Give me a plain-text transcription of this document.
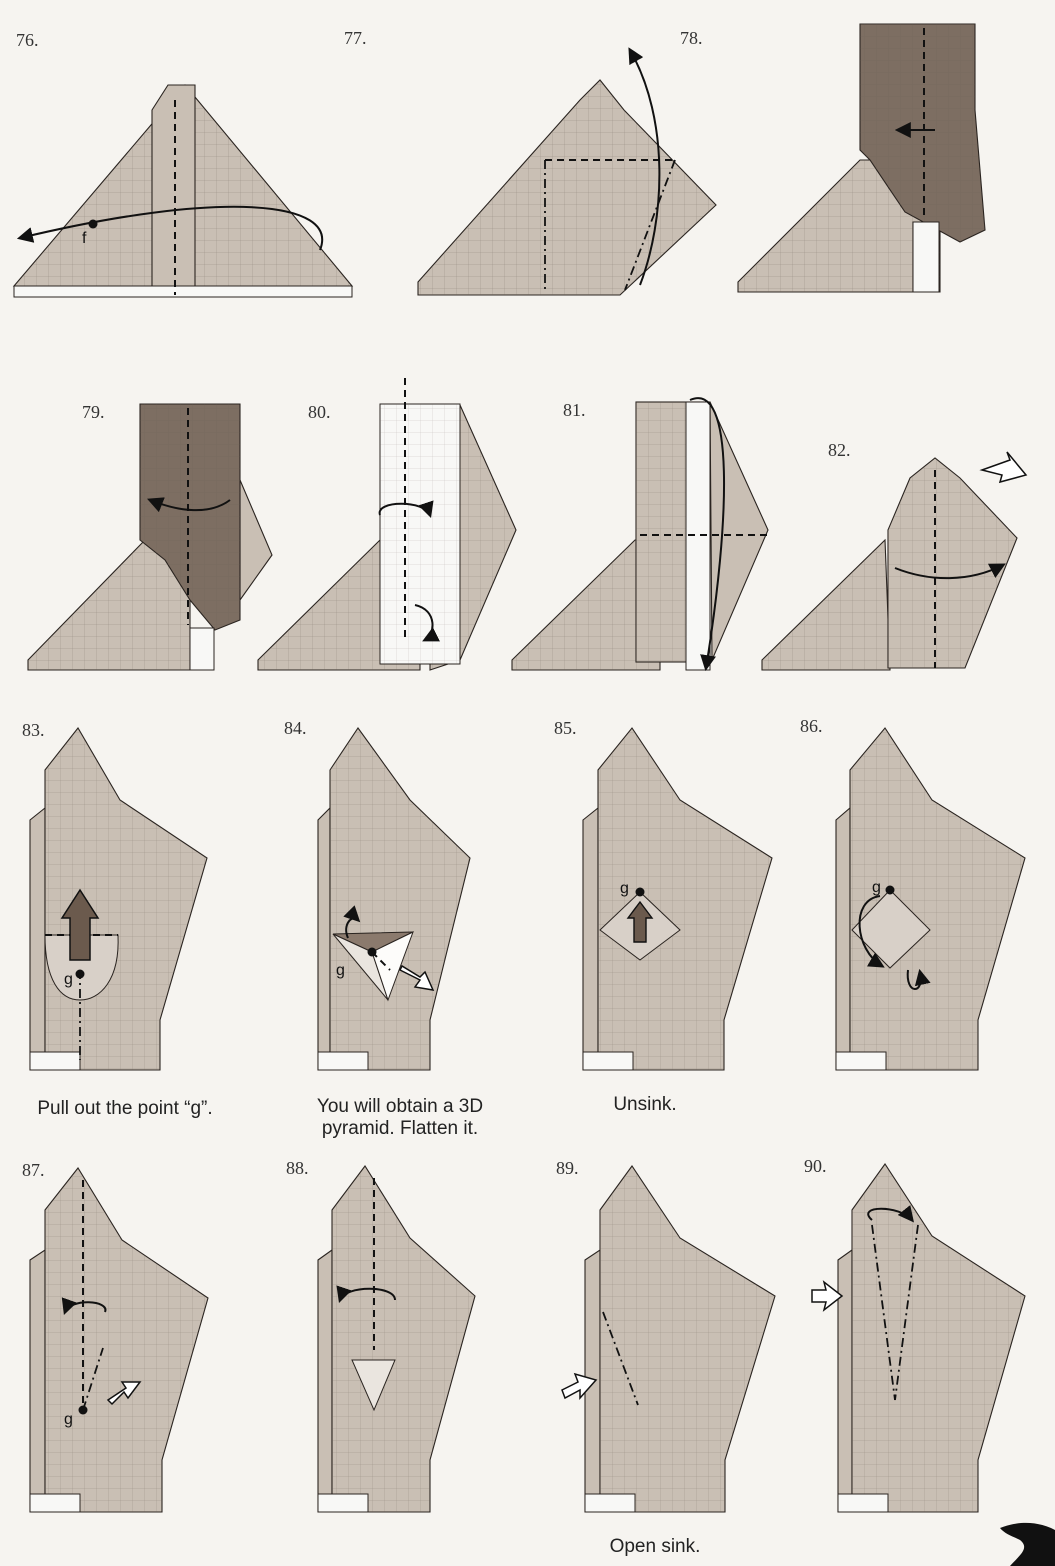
76.	77.	78.
79.	80.	81.
82.
83.	84.	85.	86.
87.	88.	89.	90.
Pull out the point “g”.	You will obtain a 3D
pyramid. Flatten it.
Unsink.
Open sink.
f
g
g
g	g
g
